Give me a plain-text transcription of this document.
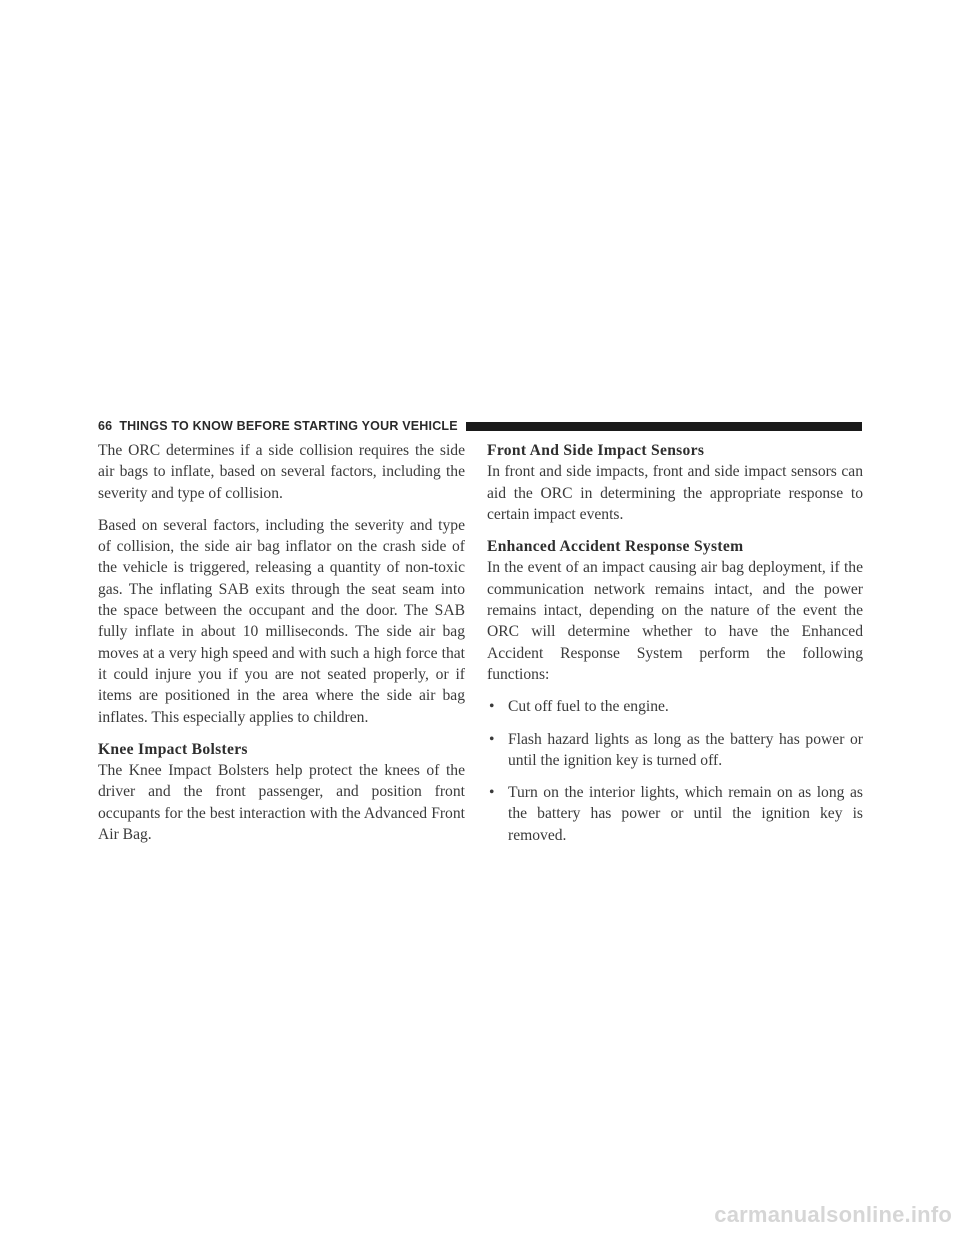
66 THINGS TO KNOW BEFORE STARTING YOUR VEHICLE

The ORC determines if a side collision requires the side air bags to inflate, based on several factors, including the severity and type of collision.

Based on several factors, including the severity and type of collision, the side air bag inflator on the crash side of the vehicle is triggered, releasing a quantity of non-toxic gas. The inflating SAB exits through the seat seam into the space between the occupant and the door. The SAB fully inflate in about 10 milliseconds. The side air bag moves at a very high speed and with such a high force that it could injure you if you are not seated properly, or if items are positioned in the area where the side air bag inflates. This especially applies to children.

Knee Impact Bolsters

The Knee Impact Bolsters help protect the knees of the driver and the front passenger, and position front occupants for the best interaction with the Advanced Front Air Bag.

Front And Side Impact Sensors

In front and side impacts, front and side impact sensors can aid the ORC in determining the appropriate response to certain impact events.

Enhanced Accident Response System

In the event of an impact causing air bag deployment, if the communication network remains intact, and the power remains intact, depending on the nature of the event the ORC will determine whether to have the Enhanced Accident Response System perform the following functions:

• Cut off fuel to the engine.
• Flash hazard lights as long as the battery has power or until the ignition key is turned off.
• Turn on the interior lights, which remain on as long as the battery has power or until the ignition key is removed.
carmanualsonline.info
